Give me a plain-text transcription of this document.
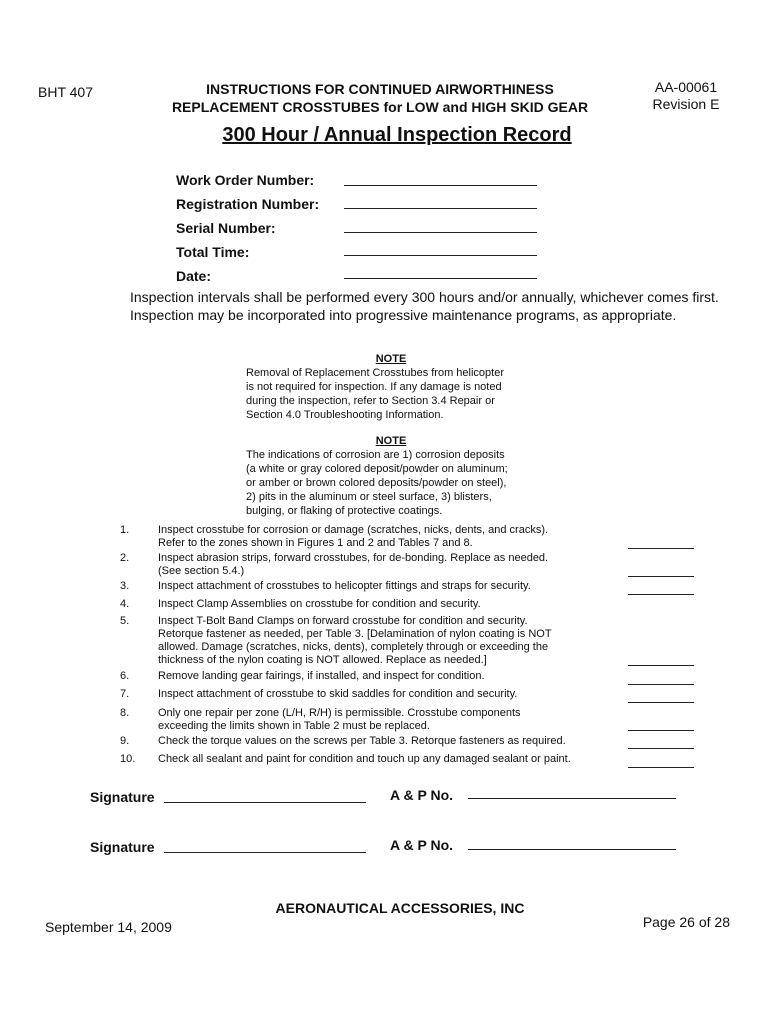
BHT 407	INSTRUCTIONS FOR CONTINUED AIRWORTHINESS
REPLACEMENT CROSSTUBES for LOW and HIGH SKID GEAR
AA-00061
Revision E
300 Hour / Annual Inspection Record
Work Order Number:
Registration Number:
Serial Number:
Total Time:
Date:
Inspection intervals shall be performed every 300 hours and/or annually, whichever comes first. Inspection may be incorporated into progressive maintenance programs, as appropriate.
NOTE
Removal of Replacement Crosstubes from helicopter
is not required for inspection. If any damage is noted
during the inspection, refer to Section 3.4 Repair or
Section 4.0 Troubleshooting Information.
NOTE
The indications of corrosion are 1) corrosion deposits
(a white or gray colored deposit/powder on aluminum;
or amber or brown colored deposits/powder on steel),
2) pits in the aluminum or steel surface, 3) blisters,
bulging, or flaking of protective coatings.
1.	Inspect crosstube for corrosion or damage (scratches, nicks, dents, and cracks).
Refer to the zones shown in Figures 1 and 2 and Tables 7 and 8.
2.	Inspect abrasion strips, forward crosstubes, for de-bonding. Replace as needed.
(See section 5.4.)
3.	Inspect attachment of crosstubes to helicopter fittings and straps for security.
4.	Inspect Clamp Assemblies on crosstube for condition and security.
5.	Inspect T-Bolt Band Clamps on forward crosstube for condition and security.
Retorque fastener as needed, per Table 3. [Delamination of nylon coating is NOT
allowed. Damage (scratches, nicks, dents), completely through or exceeding the
thickness of the nylon coating is NOT allowed. Replace as needed.]
6.	Remove landing gear fairings, if installed, and inspect for condition.
7.	Inspect attachment of crosstube to skid saddles for condition and security.
8.	Only one repair per zone (L/H, R/H) is permissible. Crosstube components
exceeding the limits shown in Table 2 must be replaced.
9.	Check the torque values on the screws per Table 3. Retorque fasteners as required.
10. Check all sealant and paint for condition and touch up any damaged sealant or paint.
Signature	A & P No.
Signature	A & P No.
AERONAUTICAL ACCESSORIES, INC
September 14, 2009	Page 26 of 28
